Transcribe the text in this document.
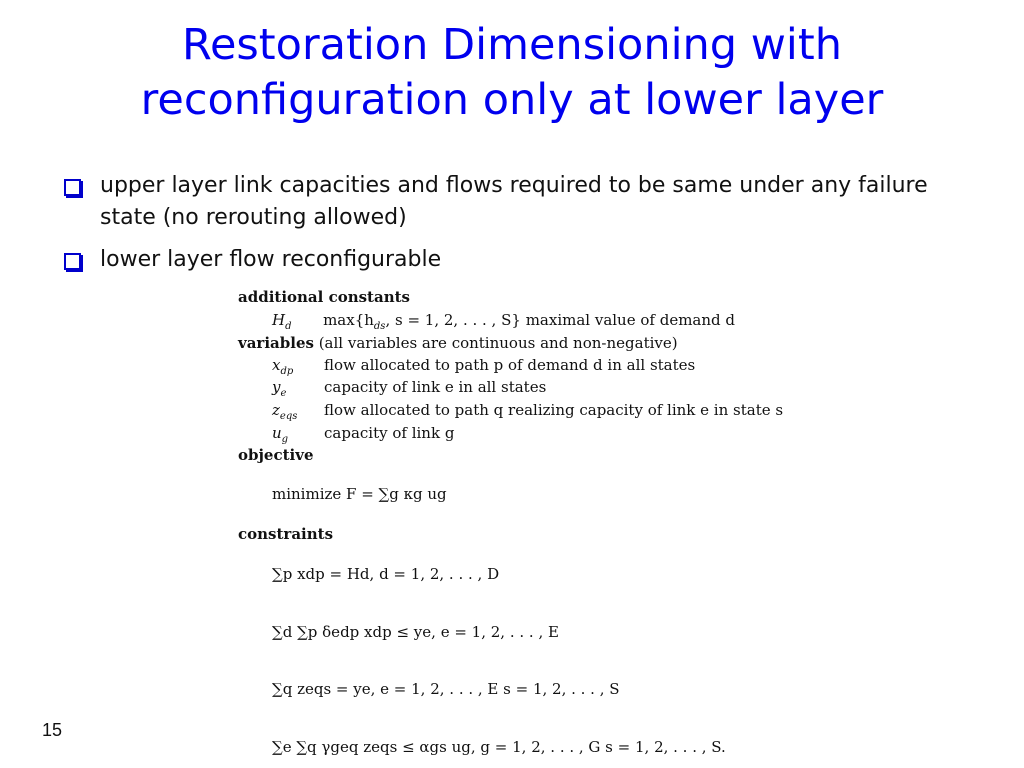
Restoration Dimensioning with
reconfiguration only at lower layer
upper layer link capacities and flows required to be same under any failure state (no rerouting allowed)
lower layer flow reconfigurable
additional constants
$H_d$ $\max\{h_{ds}$, s = 1, 2, . . . , S} maximal value of demand d
variables (all variables are continuous and non-negative)
$x_{dp}$ flow allocated to path p of demand d in all states
$y_e$	capacity of link e in all states
$z_{eqs}$ flow allocated to path q realizing capacity of link e in state s
$u_g$ capacity of link g
objective
minimize F = ∑g κg ug
constraints
∑p xdp = Hd, d = 1, 2, . . . , D
∑d ∑p δedp xdp ≤ ye, e = 1, 2, . . . , E
∑q zeqs = ye, e = 1, 2, . . . , E s = 1, 2, . . . , S
∑e ∑q γgeq zeqs ≤ αgs ug, g = 1, 2, . . . , G s = 1, 2, . . . , S.
15
